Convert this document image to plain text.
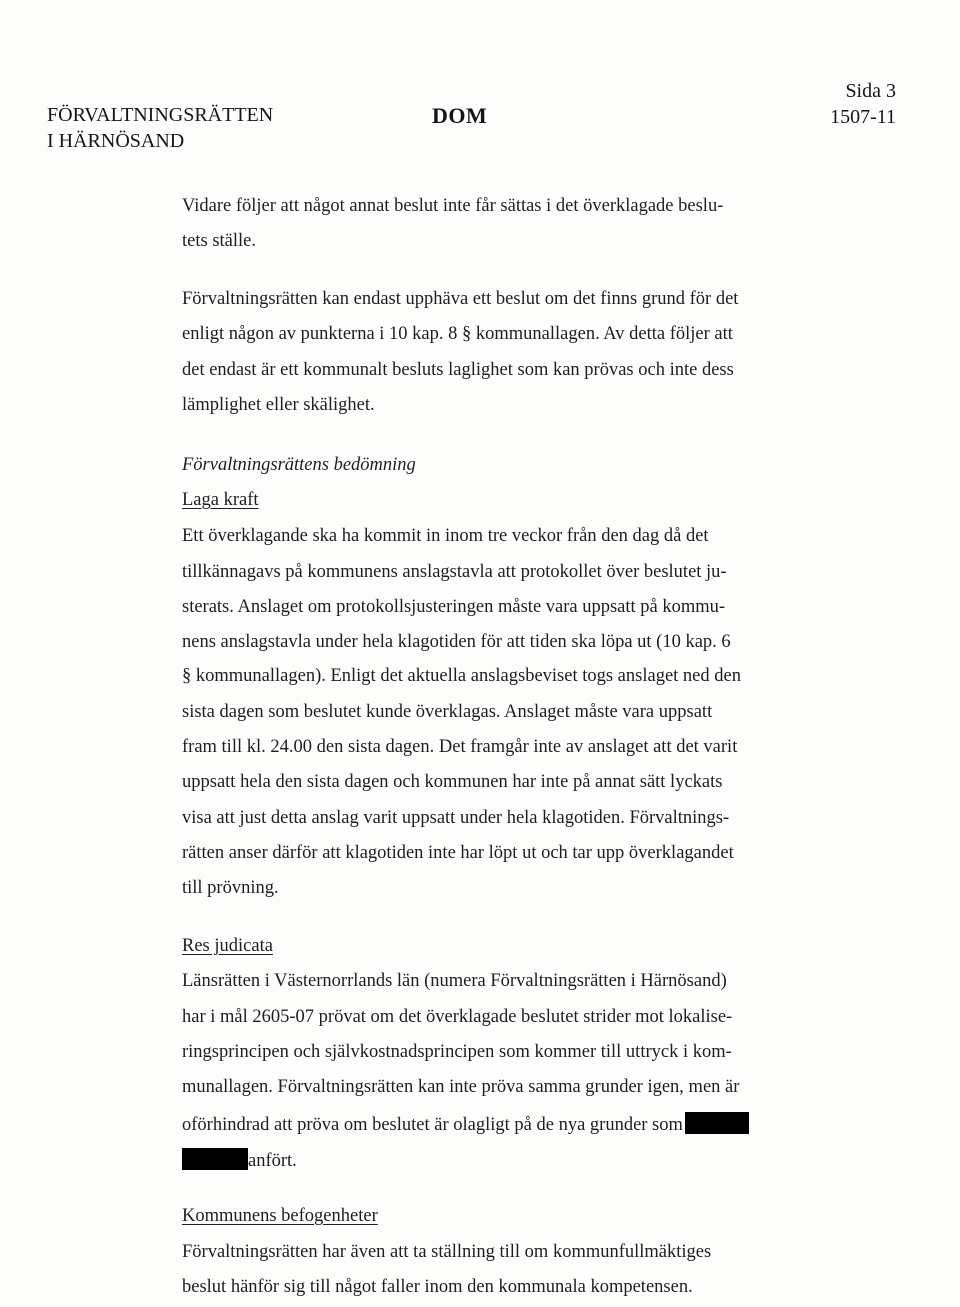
FÖRVALTNINGSRÄTTEN
I HÄRNÖSAND
DOM
Sida 3
1507-11
Vidare följer att något annat beslut inte får sättas i det överklagade beslu-
tets ställe.
Förvaltningsrätten kan endast upphäva ett beslut om det finns grund för det
enligt någon av punkterna i 10 kap. 8 § kommunallagen. Av detta följer att
det endast är ett kommunalt besluts laglighet som kan prövas och inte dess
lämplighet eller skälighet.
Förvaltningsrättens bedömning
Laga kraft
Ett överklagande ska ha kommit in inom tre veckor från den dag då det
tillkännagavs på kommunens anslagstavla att protokollet över beslutet ju-
sterats. Anslaget om protokollsjusteringen måste vara uppsatt på kommu-
nens anslagstavla under hela klagotiden för att tiden ska löpa ut (10 kap. 6
§ kommunallagen). Enligt det aktuella anslagsbeviset togs anslaget ned den
sista dagen som beslutet kunde överklagas. Anslaget måste vara uppsatt
fram till kl. 24.00 den sista dagen. Det framgår inte av anslaget att det varit
uppsatt hela den sista dagen och kommunen har inte på annat sätt lyckats
visa att just detta anslag varit uppsatt under hela klagotiden. Förvaltnings-
rätten anser därför att klagotiden inte har löpt ut och tar upp överklagandet
till prövning.
Res judicata
Länsrätten i Västernorrlands län (numera Förvaltningsrätten i Härnösand)
har i mål 2605-07 prövat om det överklagade beslutet strider mot lokalise-
ringsprincipen och självkostnadsprincipen som kommer till uttryck i kom-
munallagen. Förvaltningsrätten kan inte pröva samma grunder igen, men är
oförhindrad att pröva om beslutet är olagligt på de nya grunder som
anfört.
Kommunens befogenheter
Förvaltningsrätten har även att ta ställning till om kommunfullmäktiges
beslut hänför sig till något faller inom den kommunala kompetensen.
